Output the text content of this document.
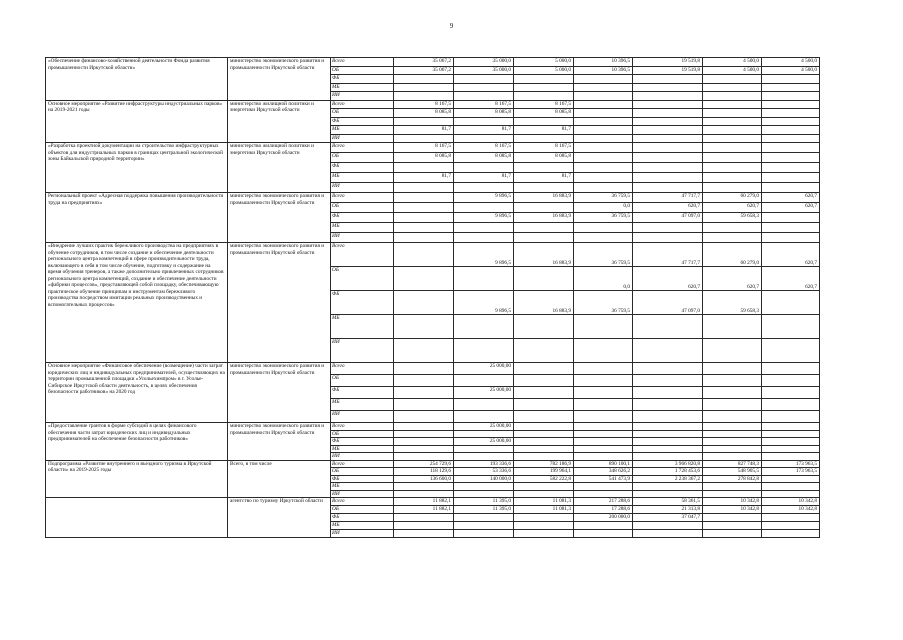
9
«Обеспечение финансово-хозяйственной деятельности Фонда развития промышленности Иркутской области»	министерство экономического развития и промышленности Иркутской области	Всего	35 067,2	35 000,0	5 000,0	10 396,5	19 519,8	4 500,0	4 500,0
		ОБ	35 067,2	35 000,0	5 000,0	10 396,5	19 519,8	4 500,0	4 500,0
		ФБ							
		МБ							
		ИИ							
Основное мероприятие «Развитие инфраструктуры индустриальных парков» на 2019-2021 годы	министерство жилищной политики и энергетики Иркутской области	Всего	8 167,5	8 167,5	8 167,5				
		ОБ	8 085,8	8 085,8	8 085,8				
		ФБ							
		МБ	81,7	81,7	81,7				
		ИИ							
«Разработка проектной документации на строительство инфраструктурных объектов для индустриальных парков в границах центральной экологической зоны Байкальской природной территории»	министерство жилищной политики и энергетики Иркутской области	Всего	8 167,5	8 167,5	8 167,5				
		ОБ	8 085,8	8 085,8	8 085,8				
		ФБ							
		МБ	81,7	81,7	81,7				
		ИИ							
Региональный проект «Адресная поддержка повышения производительности труда на предприятиях»	министерство экономического развития и промышленности Иркутской области	Всего		9 896,5	16 883,9	36 759,5	47 717,7	60 279,0	620,7
		ОБ				0,0	620,7	620,7	620,7
		ФБ		9 896,5	16 883,9	36 759,5	47 097,0	59 658,3	
		МБ							
		ИИ							
«Внедрение лучших практик бережливого производства на предприятиях в обучение сотрудников, в том числе создание и обеспечение деятельности регионального центра компетенций в сфере производительности труда, включающего в себя в том числе обучение, подготовку и содержание на время обучения тренеров, а также дополнительно привлеченных сотрудников регионального центра компетенций, создание и обеспечение деятельности «фабрики процессов», представляющей собой площадку, обеспечивающую практическое обучение принципам и инструментам бережливого производства посредством имитации реальных производственных и вспомогательных процессов»	министерство экономического развития и промышленности Иркутской области	Всего		9 896,5	16 883,9	36 759,5	47 717,7	60 279,0	620,7
		ОБ				0,0	620,7	620,7	620,7
		ФБ		9 896,5	16 883,9	36 759,5	47 097,0	59 658,3	
		МБ							
		ИИ							
Основное мероприятие «Финансовое обеспечение (возмещение) части затрат юридических лиц и индивидуальных предпринимателей, осуществляющих на территории промышленной площадки «Усольехимпром» в г. Усолье-Сибирское Иркутской области деятельность, в целях обеспечения безопасности работников» на 2020 год	министерство экономического развития и промышленности Иркутской области	Всего		25 000,00					
		ОБ							
		ФБ		25 000,00					
		МБ							
		ИИ							
«Предоставление грантов в форме субсидий в целях финансового обеспечения части затрат юридических лиц и индивидуальных предпринимателей на обеспечение безопасности работников»	министерство экономического развития и промышленности Иркутской области	Всего		25 000,00					
		ОБ							
		ФБ		25 000,00					
		МБ							
		ИИ							
Подпрограмма «Развитие внутреннего и въездного туризма в Иркутской области» на 2019-2025 годы	Всего, в том числе	Всего	254 729,6	193 336,6	782 186,9	890 100,1	3 966 820,8	827 748,3	173 963,5
		ОБ	118 129,6	53 336,6	199 964,1	348 626,2	1 728 453,6	548 905,5	173 963,5
		ФБ	136 600,0	140 000,0	582 222,8	541 473,9	2 238 367,2	278 842,8	
		МБ							
		ИИ							
	агентство по туризму Иркутской области	Всего	11 882,1	11 395,0	11 081,3	217 288,6	58 361,5	10 342,8	10 342,8
		ОБ	11 882,1	11 395,0	11 081,3	17 288,6	21 313,8	10 342,8	10 342,8
		ФБ				200 000,0	37 047,7		
		МБ							
		ИИ							
